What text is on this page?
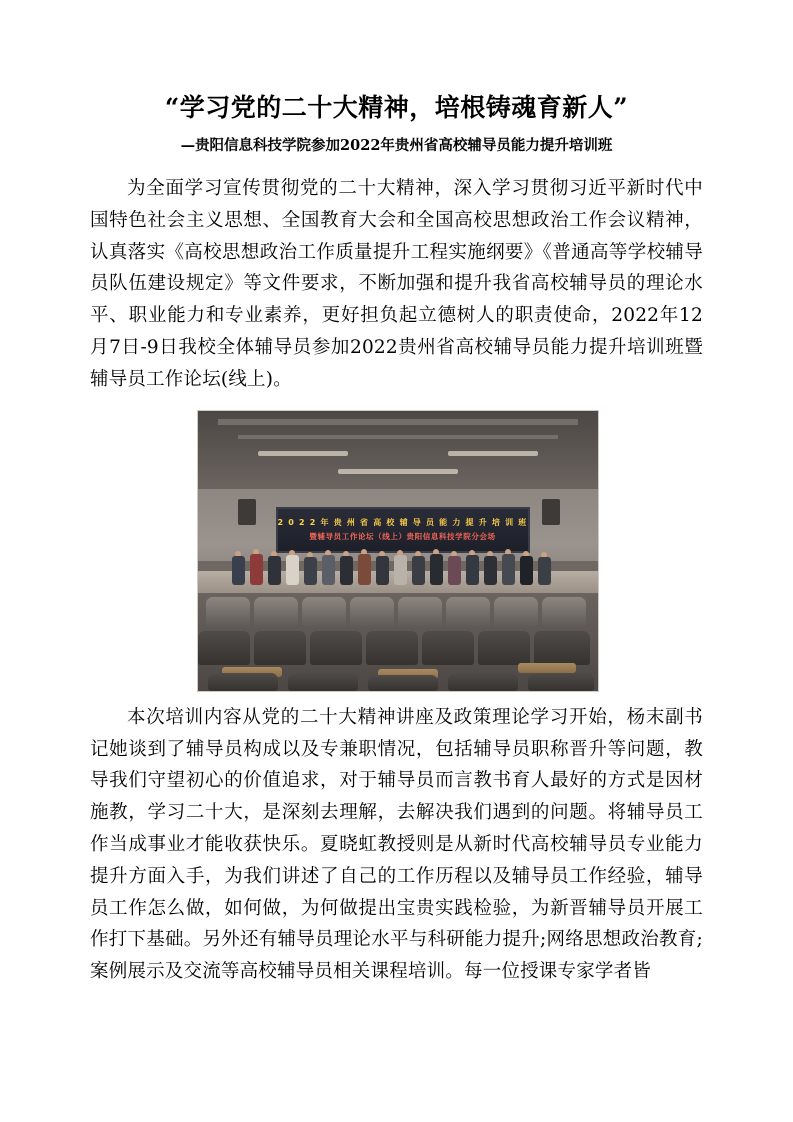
“学习党的二十大精神，培根铸魂育新人”
—贵阳信息科技学院参加2022年贵州省高校辅导员能力提升培训班

为全面学习宣传贯彻党的二十大精神，深入学习贯彻习近平新时代中国特色社会主义思想、全国教育大会和全国高校思想政治工作会议精神，认真落实《高校思想政治工作质量提升工程实施纲要》《普通高等学校辅导员队伍建设规定》等文件要求，不断加强和提升我省高校辅导员的理论水平、职业能力和专业素养，更好担负起立德树人的职责使命，2022年12月7日-9日我校全体辅导员参加2022贵州省高校辅导员能力提升培训班暨辅导员工作论坛(线上)。

2 0 2 2 年 贵 州 省 高 校 辅 导 员 能 力 提 升 培 训 班
暨辅导员工作论坛（线上）贵阳信息科技学院分会场

本次培训内容从党的二十大精神讲座及政策理论学习开始，杨末副书记她谈到了辅导员构成以及专兼职情况，包括辅导员职称晋升等问题，教导我们守望初心的价值追求，对于辅导员而言教书育人最好的方式是因材施教，学习二十大，是深刻去理解，去解决我们遇到的问题。将辅导员工作当成事业才能收获快乐。夏晓虹教授则是从新时代高校辅导员专业能力提升方面入手，为我们讲述了自己的工作历程以及辅导员工作经验，辅导员工作怎么做，如何做，为何做提出宝贵实践检验，为新晋辅导员开展工作打下基础。另外还有辅导员理论水平与科研能力提升;网络思想政治教育;案例展示及交流等高校辅导员相关课程培训。每一位授课专家学者皆
